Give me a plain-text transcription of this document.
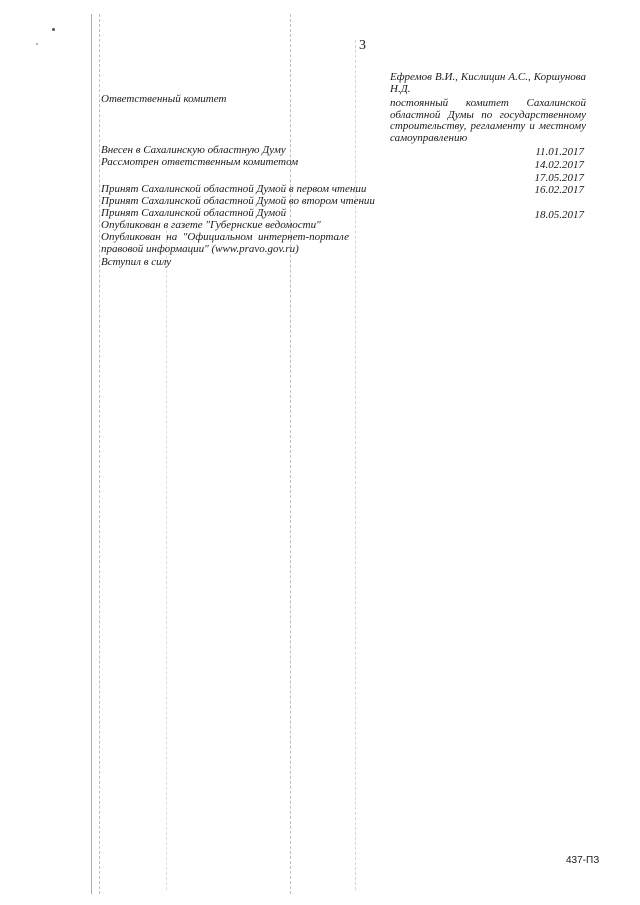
3
Ефремов В.И., Кислицин А.С., Коршунова Н.Д.
Ответственный комитет	постоянный комитет Сахалинской областной Думы по государственному строительству, регламенту и местному самоуправлению
Внесен в Сахалинскую областную Думу
Рассмотрен ответственным комитетом
Принят Сахалинской областной Думой в первом чтении
Принят Сахалинской областной Думой во втором чтении
Принят Сахалинской областной Думой
Опубликован в газете "Губернские ведомости"
Опубликован на "Официальном интернет-портале правовой информации" (www.pravo.gov.ru)
Вступил в силу
11.01.2017
14.02.2017
17.05.2017
16.02.2017
18.05.2017
437-ПЗ
